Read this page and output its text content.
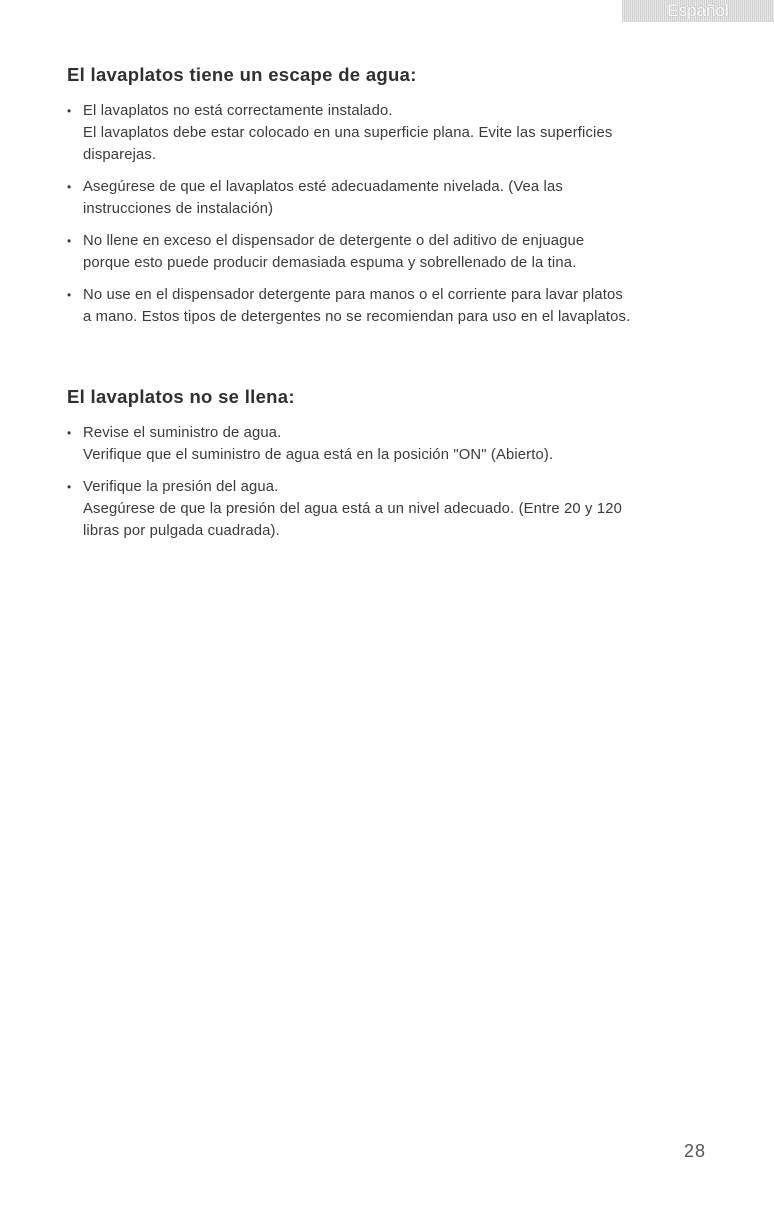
Español
El lavaplatos tiene un escape de agua:
• El lavaplatos no está correctamente instalado.
El lavaplatos debe estar colocado en una superficie plana. Evite las superficies
disparejas.
• Asegúrese de que el lavaplatos esté adecuadamente nivelada. (Vea las
instrucciones de instalación)
• No llene en exceso el dispensador de detergente o del aditivo de enjuague
porque esto puede producir demasiada espuma y sobrellenado de la tina.
• No use en el dispensador detergente para manos o el corriente para lavar platos
a mano. Estos tipos de detergentes no se recomiendan para uso en el lavaplatos.
El lavaplatos no se llena:
• Revise el suministro de agua.
Verifique que el suministro de agua está en la posición "ON" (Abierto).
• Verifique la presión del agua.
Asegúrese de que la presión del agua está a un nivel adecuado. (Entre 20 y 120
libras por pulgada cuadrada).
28
